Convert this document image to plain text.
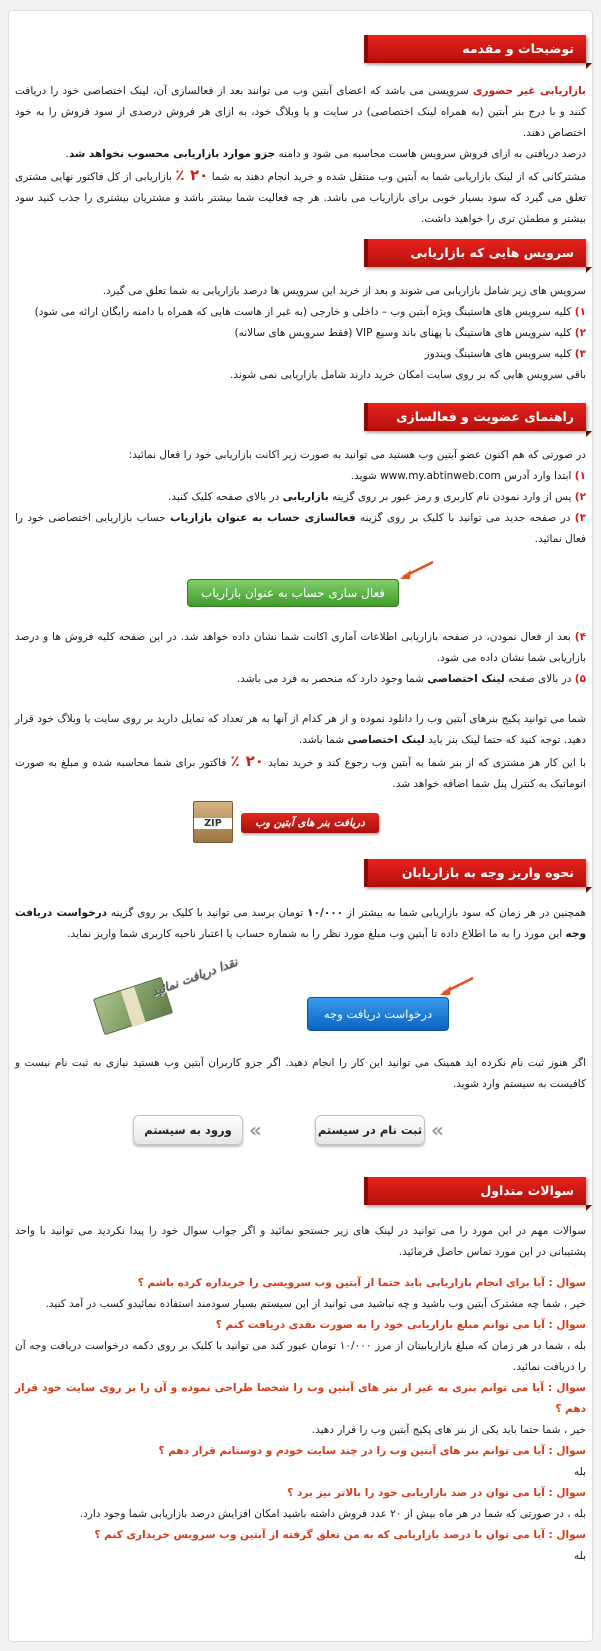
توضیحات و مقدمه

بازاریابی غیر حضوری سرویسی می باشد که اعضای آبتین وب می توانند بعد از فعالسازی آن، لینک اختصاصی خود را دریافت کنند و با درج بنر آبتین (به همراه لینک اختصاصی) در سایت و یا وبلاگ خود، به ازای هر فروش درصدی از سود فروش را به خود اختصاص دهند.

درصد دریافتی به ازای فروش سرویس هاست محاسبه می شود و دامنه جزو موارد بازاریابی محسوب نخواهد شد.

مشترکانی که از لینک بازاریابی شما به آبتین وب منتقل شده و خرید انجام دهند به شما ۲۰ ٪ بازاریابی از کل فاکتور نهایی مشتری تعلق می گیرد که سود بسیار خوبی برای بازاریاب می باشد. هر چه فعالیت شما بیشتر باشد و مشتریان بیشتری را جذب کنید سود بیشتر و مطمئن تری را خواهید داشت.

سرویس هایی که بازاریابی دارند

سرویس های زیر شامل بازاریابی می شوند و بعد از خرید این سرویس ها درصد بازاریابی به شما تعلق می گیرد.

۱) کلیه سرویس های هاستینگ ویژه آبتین وب – داخلی و خارجی (به غیر از هاست هایی که همراه با دامنه رایگان ارائه می شود)

۲) کلیه سرویس های هاستینگ با پهنای باند وسیع VIP (فقط سرویس های سالانه)

۳) کلیه سرویس های هاستینگ ویندوز

باقی سرویس هایی که بر روی سایت امکان خرید دارند شامل بازاریابی نمی شوند.

راهنمای عضویت و فعالسازی

در صورتی که هم اکنون عضو آبتین وب هستید می توانید به صورت زیر اکانت بازاریابی خود را فعال نمائید:

۱) ابتدا وارد آدرس www.my.abtinweb.com شوید.

۲) پس از وارد نمودن نام کاربری و رمز عبور بر روی گزینه بازاریابی در بالای صفحه کلیک کنید.

۳) در صفحه جدید می توانید با کلیک بر روی گزینه فعالسازی حساب به عنوان بازاریاب حساب بازاریابی اختصاصی خود را فعال نمائید.

فعال سازی حساب به عنوان بازاریاب

۴) بعد از فعال نمودن، در صفحه بازاریابی اطلاعات آماری اکانت شما نشان داده خواهد شد. در این صفحه کلیه فروش ها و درصد بازاریابی شما نشان داده می شود.

۵) در بالای صفحه لینک اختصاصی شما وجود دارد که منحصر به فرد می باشد.

شما می توانید پکیج بنرهای آبتین وب را دانلود نموده و از هر کدام از آنها به هر تعداد که تمایل دارید بر روی سایت یا وبلاگ خود قرار دهید. توجه کنید که حتما لینک بنر باید لینک اختصاصی شما باشد.

با این کار هر مشتری که از بنر شما به آبتین وب رجوع کند و خرید نماید ۲۰ ٪ فاکتور برای شما محاسبه شده و مبلغ به صورت اتوماتیک به کنترل پنل شما اضافه خواهد شد.

دریافت بنر های آبتین وب
ZIP
نحوه واریز وجه به بازاریابان

همچنین در هر زمان که سود بازاریابی شما به بیشتر از ۱۰/۰۰۰ تومان برسد می توانید با کلیک بر روی گزینه درخواست دریافت وجه این مورد را به ما اطلاع داده تا آبتین وب مبلغ مورد نظر را به شماره حساب یا اعتبار ناحیه کاربری شما واریز نماید.

نقدا دریافت نمائید
درخواست دریافت وجه
اگر هنوز ثبت نام نکرده اید همینک می توانید این کار را انجام دهید. اگر جزو کاربران آبتین وب هستید نیازی به ثبت نام نیست و کافیست به سیستم وارد شوید.
«
ثبت نام در سیستم
«
ورود به سیستم
سوالات متداول
سوالات مهم در این مورد را می توانید در لینک های زیر جستجو نمائید و اگر جواب سوال خود را پیدا نکردید می توانید با واحد پشتیبانی در این مورد تماس حاصل فرمائید.

سوال : آیا برای انجام بازاریابی باید حتما از آبتین وب سرویسی را خریداره کرده باشم ؟

خیر ، شما چه مشترک آبتین وب باشید و چه نباشید می توانید از این سیستم بسیار سودمند استفاده نمائیدو کسب در آمد کنید.

سوال : آیا می توانم مبلغ بازاریابی خود را به صورت نقدی دریافت کنم ؟

بله ، شما در هر زمان که مبلغ بازاریابیتان از مرز ۱۰/۰۰۰ تومان عبور کند می توانید با کلیک بر روی دکمه درخواست دریافت وجه آن را دریافت نمائید.

سوال : آیا می توانم بنری به غیر از بنر های آبتین وب را شخصا طراحی نموده و آن را بر روی سایت خود قرار دهم ؟

خیر ، شما حتما باید یکی از بنر های پکیج آبتین وب را قرار دهید.

سوال : آیا می توانم بنر های آبتین وب را در چند سایت خودم و دوستانم قرار دهم ؟

بله

سوال : آیا می توان در صد بازاریابی خود را بالاتر نیز برد ؟

بله ، در صورتی که شما در هر ماه بیش از ۲۰ عدد فروش داشته باشید امکان افزایش درصد بازاریابی شما وجود دارد.

سوال : آیا می توان با درصد بازاریابی که به من تعلق گرفته از آبتین وب سرویس خریداری کنم ؟

بله
